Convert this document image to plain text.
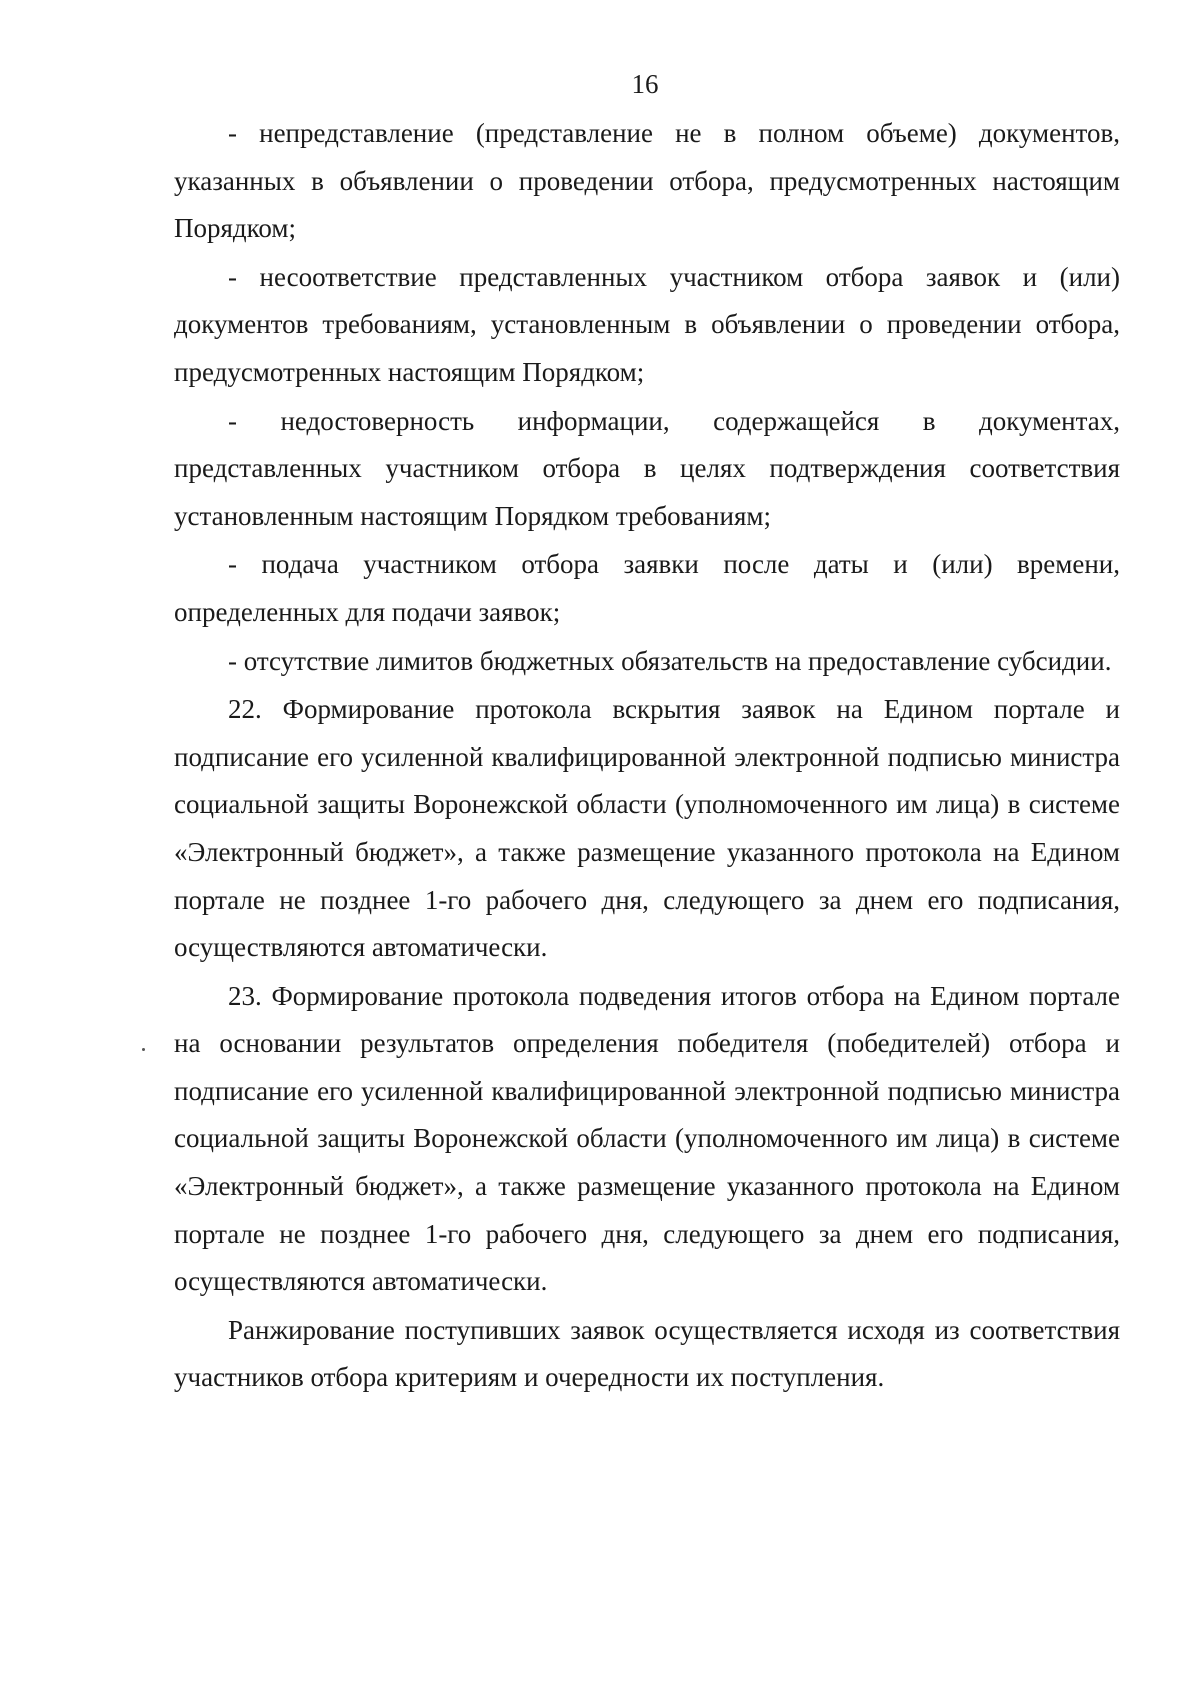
16

- непредставление (представление не в полном объеме) документов, указанных в объявлении о проведении отбора, предусмотренных настоящим Порядком;

- несоответствие представленных участником отбора заявок и (или) документов требованиям, установленным в объявлении о проведении отбора, предусмотренных настоящим Порядком;

- недостоверность информации, содержащейся в документах, представленных участником отбора в целях подтверждения соответствия установленным настоящим Порядком требованиям;

- подача участником отбора заявки после даты и (или) времени, определенных для подачи заявок;

- отсутствие лимитов бюджетных обязательств на предоставление субсидии.

22. Формирование протокола вскрытия заявок на Едином портале и подписание его усиленной квалифицированной электронной подписью министра социальной защиты Воронежской области (уполномоченного им лица) в системе «Электронный бюджет», а также размещение указанного протокола на Едином портале не позднее 1-го рабочего дня, следующего за днем его подписания, осуществляются автоматически.

23. Формирование протокола подведения итогов отбора на Едином портале на основании результатов определения победителя (победителей) отбора и подписание его усиленной квалифицированной электронной подписью министра социальной защиты Воронежской области (уполномоченного им лица) в системе «Электронный бюджет», а также размещение указанного протокола на Едином портале не позднее 1-го рабочего дня, следующего за днем его подписания, осуществляются автоматически.

Ранжирование поступивших заявок осуществляется исходя из соответствия участников отбора критериям и очередности их поступления.
